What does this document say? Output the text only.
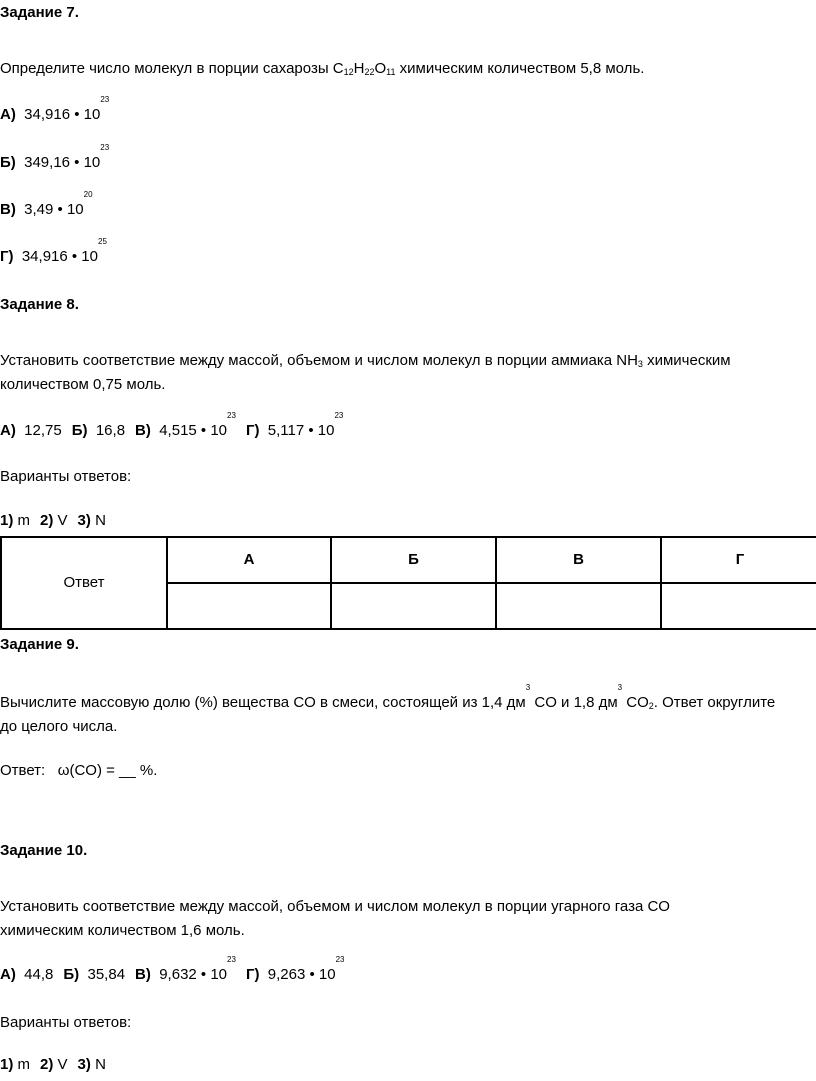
Задание 7.
Определите число молекул в порции сахарозы $C_{12}H_{22}O_{11}$ химическим количеством 5,8 моль.
А) 34,916 • $10^{23}$
Б) 349,16 • $10^{23}$
В) 3,49 • $10^{20}$
Г) 34,916 • $10^{25}$
Задание 8.
Установить соответствие между массой, объемом и числом молекул в порции аммиака $NH_3$ химическим
количеством 0,75 моль.
А) 12,75 Б) 16,8 В) 4,515 • $10^{23}Г$) 5,117 • $10^{23}$
Варианты ответов:
1) m 2) V 3) N
Ответ	А	Б	В	Г

Задание 9.
Вычислите массовую долю (%) вещества CO в смеси, состоящей из 1,4 $дм^3$ CO и 1,8 $дм^3$ $CO_2$. Ответ округлите
до целого числа.
Ответ: ω(CO) = __ %.
Задание 10.
Установить соответствие между массой, объемом и числом молекул в порции угарного газа CO
химическим количеством 1,6 моль.
А) 44,8 Б) 35,84 В) 9,632 • $10^{23}Г$) 9,263 • $10^{23}$
Варианты ответов:
1) m 2) V 3) N
